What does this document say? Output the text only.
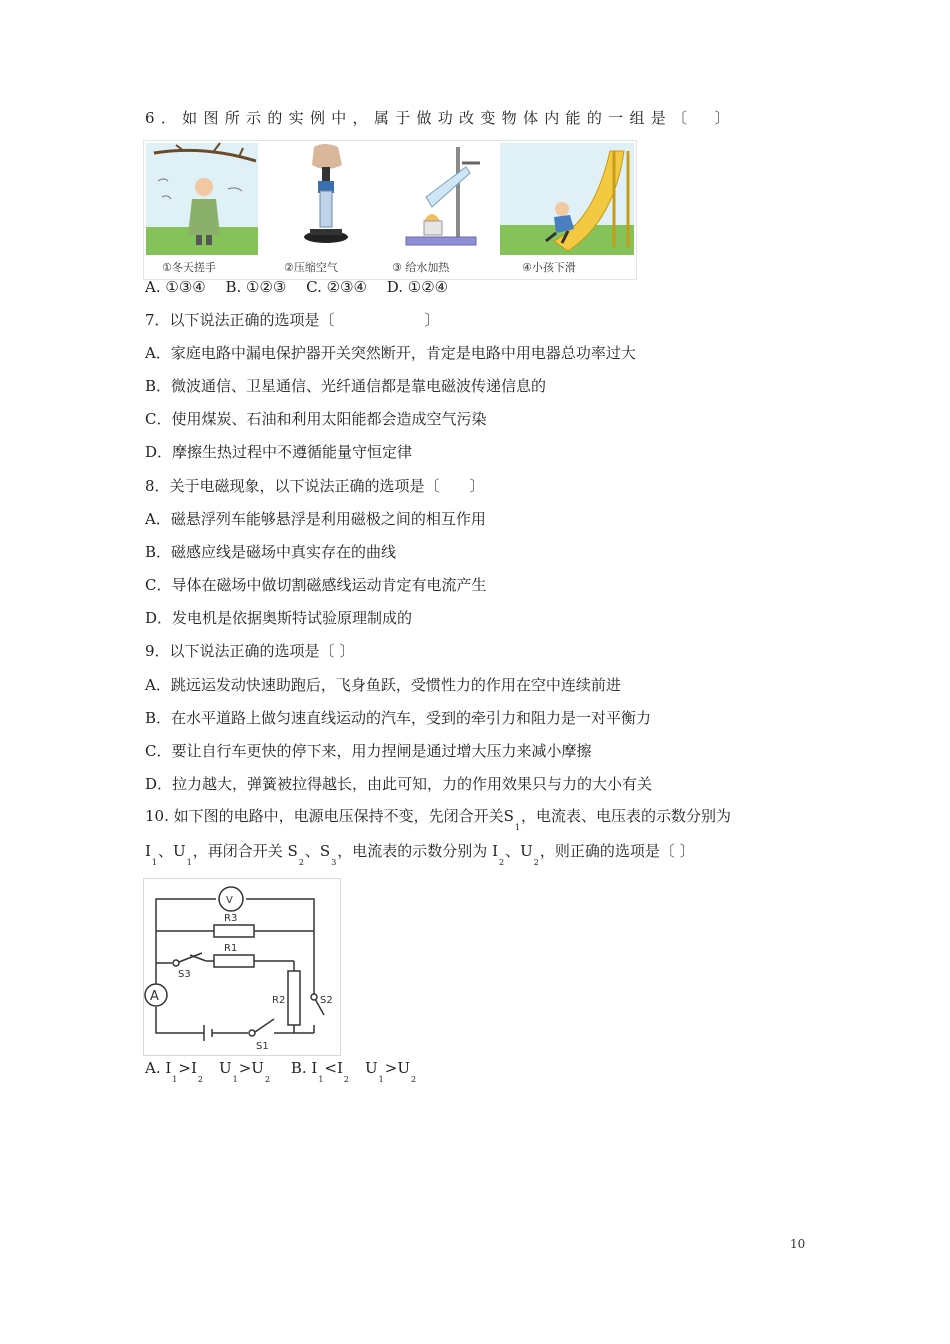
6．如图所示的实例中，属于做功改变物体内能的一组是〔　〕
①冬天搓手	②压缩空气	③ 给水加热	④小孩下滑
A. ①③④　 B. ①②③　 C. ②③④　 D. ①②④
7．以下说法正确的选项是〔　　　　　　〕
A．家庭电路中漏电保护器开关突然断开，肯定是电路中用电器总功率过大
B．微波通信、卫星通信、光纤通信都是靠电磁波传递信息的
C．使用煤炭、石油和利用太阳能都会造成空气污染
D．摩擦生热过程中不遵循能量守恒定律
8．关于电磁现象，以下说法正确的选项是〔　　〕
A．磁悬浮列车能够悬浮是利用磁极之间的相互作用
B．磁感应线是磁场中真实存在的曲线
C．导体在磁场中做切割磁感线运动肯定有电流产生
D．发电机是依据奥斯特试验原理制成的
9．以下说法正确的选项是〔 〕
A．跳远运发动快速助跑后，飞身鱼跃，受惯性力的作用在空中连续前进
B．在水平道路上做匀速直线运动的汽车，受到的牵引力和阻力是一对平衡力
C．要让自行车更快的停下来，用力捏闸是通过增大压力来减小摩擦
D．拉力越大，弹簧被拉得越长，由此可知，力的作用效果只与力的大小有关
10. 如下图的电路中，电源电压保持不变，先闭合开关$S_1$，电流表、电压表的示数分别为
$I_1$、$U_1$，再闭合开关 $S_2$、$S_3$，电流表的示数分别为 $I_2$、$U_2$，则正确的选项是〔 〕
V
A
R3
R1
R2
S1
S2
S3
A. $I_1>I_2$　$U_1>U_2$　 B. $I_1<I_2$　$U_1>U_2$
10
